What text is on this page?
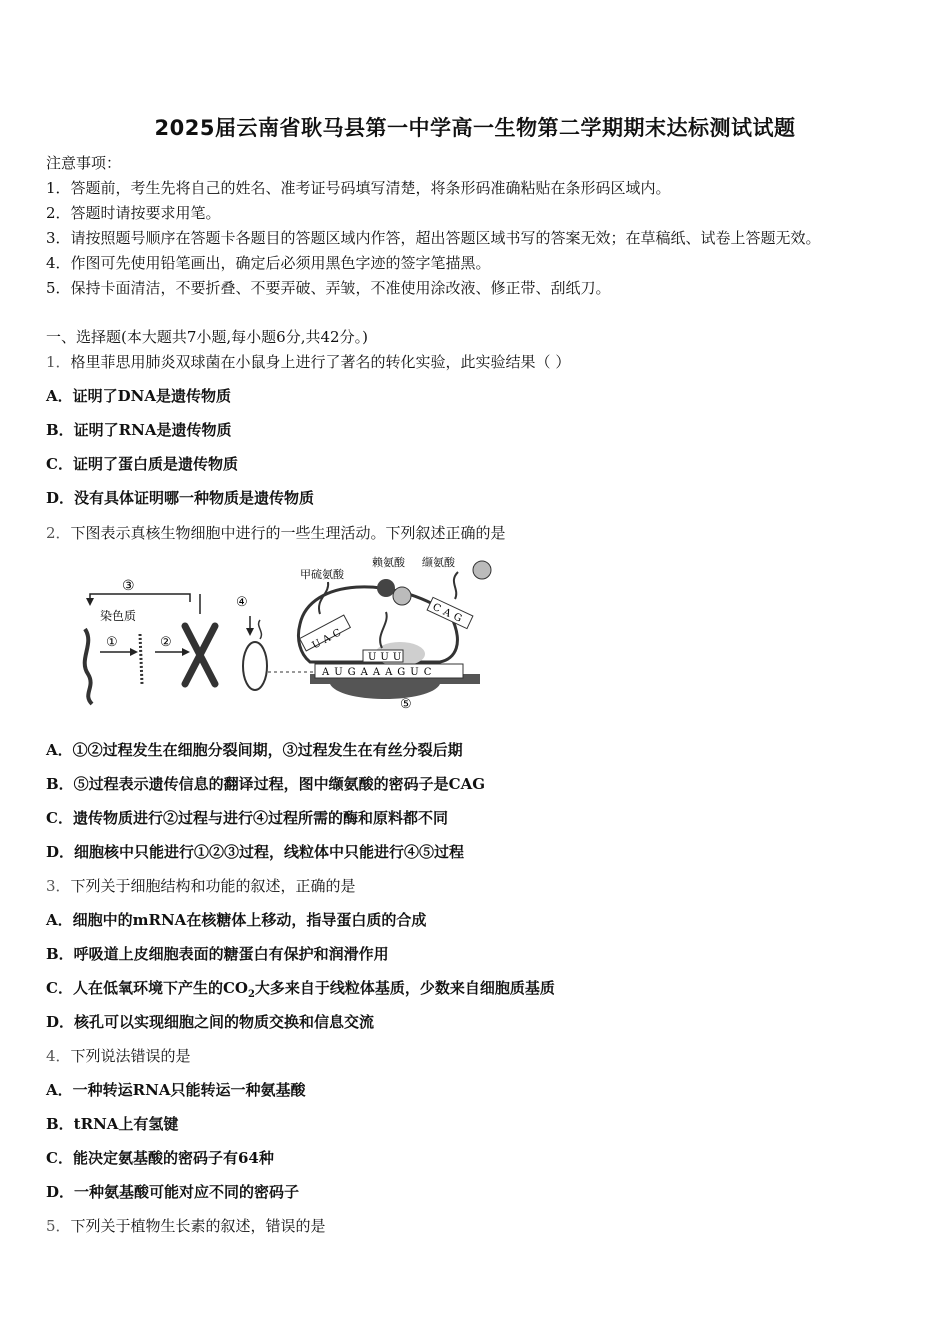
2025届云南省耿马县第一中学高一生物第二学期期末达标测试试题
注意事项：
1．答题前，考生先将自己的姓名、准考证号码填写清楚，将条形码准确粘贴在条形码区域内。
2．答题时请按要求用笔。
3．请按照题号顺序在答题卡各题目的答题区域内作答，超出答题区域书写的答案无效；在草稿纸、试卷上答题无效。
4．作图可先使用铅笔画出，确定后必须用黑色字迹的签字笔描黑。
5．保持卡面清洁，不要折叠、不要弄破、弄皱，不准使用涂改液、修正带、刮纸刀。
一、选择题(本大题共7小题,每小题6分,共42分。)
1．格里菲思用肺炎双球菌在小鼠身上进行了著名的转化实验，此实验结果（ ）
A．证明了DNA是遗传物质
B．证明了RNA是遗传物质
C．证明了蛋白质是遗传物质
D．没有具体证明哪一种物质是遗传物质
2．下图表示真核生物细胞中进行的一些生理活动。下列叙述正确的是
③
染色质
①	②
④
AUGAAAGUC
UAC
甲硫氨酸
UUU
赖氨酸
CAG
缬氨酸
⑤
A．①②过程发生在细胞分裂间期，③过程发生在有丝分裂后期
B．⑤过程表示遗传信息的翻译过程，图中缬氨酸的密码子是CAG
C．遗传物质进行②过程与进行④过程所需的酶和原料都不同
D．细胞核中只能进行①②③过程，线粒体中只能进行④⑤过程
3．下列关于细胞结构和功能的叙述，正确的是
A．细胞中的mRNA在核糖体上移动，指导蛋白质的合成
B．呼吸道上皮细胞表面的糖蛋白有保护和润滑作用
C．人在低氧环境下产生的$CO_2$大多来自于线粒体基质，少数来自细胞质基质
D．核孔可以实现细胞之间的物质交换和信息交流
4．下列说法错误的是
A．一种转运RNA只能转运一种氨基酸
B．tRNA上有氢键
C．能决定氨基酸的密码子有64种
D．一种氨基酸可能对应不同的密码子
5．下列关于植物生长素的叙述，错误的是
